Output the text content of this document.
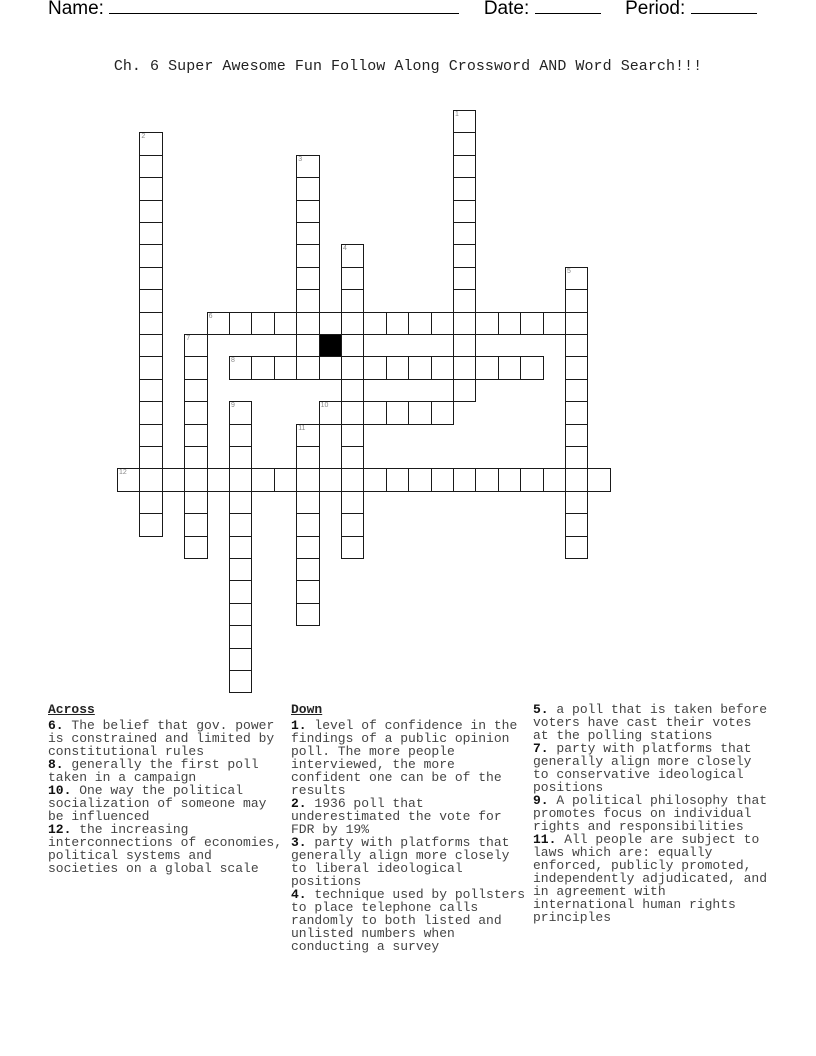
Name:	Date:	Period:
Ch. 6 Super Awesome Fun Follow Along Crossword AND Word Search!!!
1
2
3
4
5
6
7
8
9	10
11
12
Across
6. The belief that gov. power is constrained and limited by constitutional rules
8. generally the first poll taken in a campaign
10. One way the political socialization of someone may be influenced
12. the increasing interconnections of economies, political systems and societies on a global scale
Down
1. level of confidence in the findings of a public opinion poll. The more people interviewed, the more confident one can be of the results
2. 1936 poll that underestimated the vote for FDR by 19%
3. party with platforms that generally align more closely to liberal ideological positions
4. technique used by pollsters to place telephone calls randomly to both listed and unlisted numbers when conducting a survey
5. a poll that is taken before voters have cast their votes at the polling stations
7. party with platforms that generally align more closely to conservative ideological positions
9. A political philosophy that promotes focus on individual rights and responsibilities
11. All people are subject to laws which are: equally enforced, publicly promoted, independently adjudicated, and in agreement with international human rights principles
